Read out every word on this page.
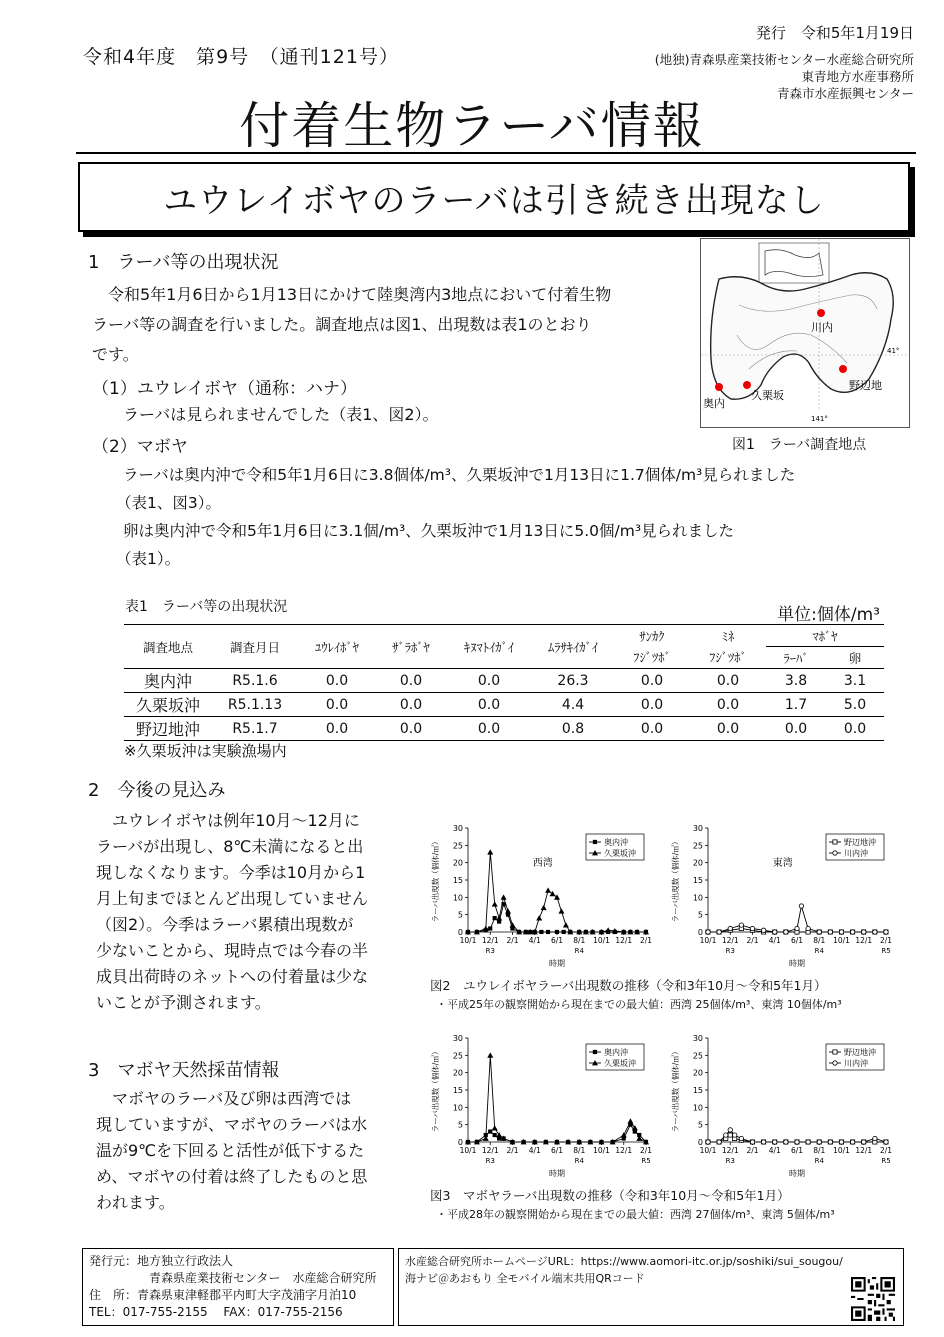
令和4年度　第9号　（通刊121号）
発行　令和5年1月19日
(地独)青森県産業技術センター水産総合研究所
東青地方水産事務所
青森市水産振興センター
付着生物ラーバ情報
ユウレイボヤのラーバは引き続き出現なし
1　ラーバ等の出現状況
　令和5年1月6日から1月13日にかけて陸奥湾内3地点において付着生物
ラーバ等の調査を行いました。調査地点は図1、出現数は表1のとおり
です。
（1）ユウレイボヤ（通称：ハナ）
ラーバは見られませんでした（表1、図2）。
（2）マボヤ
ラーバは奥内沖で令和5年1月6日に3.8個体/m³、久栗坂沖で1月13日に1.7個体/m³見られました
（表1、図3）。
卵は奥内沖で令和5年1月6日に3.1個/m³、久栗坂沖で1月13日に5.0個/m³見られました
（表1）。
川内
野辺地
奥内
久栗坂
41°
141°
図1　ラーバ調査地点
表1　ラーバ等の出現状況	単位:個体/m³
調査地点	調査月日	ﾕｳﾚｲﾎﾞﾔ	ｻﾞﾗﾎﾞﾔ	ｷﾇﾏﾄｲｶﾞｲ	ﾑﾗｻｷｲｶﾞｲ	ｻﾝｶｸ	ﾐﾈ	ﾏﾎﾞﾔ	
						ﾌｼﾞﾂﾎﾞ	ﾌｼﾞﾂﾎﾞ	ﾗｰﾊﾞ	卵
奥内沖	R5.1.6	0.0	0.0	0.0	26.3	0.0	0.0	3.8	3.1
久栗坂沖	R5.1.13	0.0	0.0	0.0	4.4	0.0	0.0	1.7	5.0
野辺地沖	R5.1.7	0.0	0.0	0.0	0.8	0.0	0.0	0.0	0.0
※久栗坂沖は実験漁場内
2　今後の見込み
　ユウレイボヤは例年10月～12月に
ラーバが出現し、8℃未満になると出
現しなくなります。今季は10月から1
月上旬までほとんど出現していません
（図2）。今季はラーバ累積出現数が
少ないことから、現時点では今春の半
成貝出荷時のネットへの付着量は少な
いことが予測されます。
3　マボヤ天然採苗情報
　マボヤのラーバ及び卵は西湾では
現していますが、マボヤのラーバは水
温が9℃を下回ると活性が低下するた
め、マボヤの付着は終了したものと思
われます。
0
5
10
15
20
25
30
10/1 12/1 2/1 4/1 6/1 8/1 10/1 12/1 2/1
R3	R4
時期
ラーバ出現数（個体/㎥）	西湾
奥内沖
久栗坂沖
0
5
10
15
20
25
30
10/1 12/1 2/1 4/1 6/1 8/1 10/1 12/1 2/1
R3	R4	R5
時期
ラーバ出現数（個体/㎥）	東湾
野辺地沖
川内沖
図2　ユウレイボヤラーバ出現数の推移（令和3年10月～令和5年1月）
・平成25年の観察開始から現在までの最大値：西湾 25個体/m³、東湾 10個体/m³
0
5
10
15
20
25
30
10/1 12/1 2/1 4/1 6/1 8/1 10/1 12/1 2/1
R3	R4	R5
時期
ラーバ出現数（個体/㎥）	奥内沖
久栗坂沖
0
5
10
15
20
25
30
10/1 12/1 2/1 4/1 6/1 8/1 10/1 12/1 2/1
R3	R4	R5
時期
ラーバ出現数（個体/㎥）	野辺地沖
川内沖
図3　マボヤラーバ出現数の推移（令和3年10月～令和5年1月）
・平成28年の観察開始から現在までの最大値：西湾 27個体/m³、東湾 5個体/m³
発行元：地方独立行政法人
　　　　　青森県産業技術センター　水産総合研究所
住　所：青森県東津軽郡平内町大字茂浦字月泊10
TEL：017-755-2155　 FAX：017-755-2156
水産総合研究所ホームページURL：https://www.aomori-itc.or.jp/soshiki/sui_sougou/
海ナビ＠あおもり 全モバイル端末共用QRコード
